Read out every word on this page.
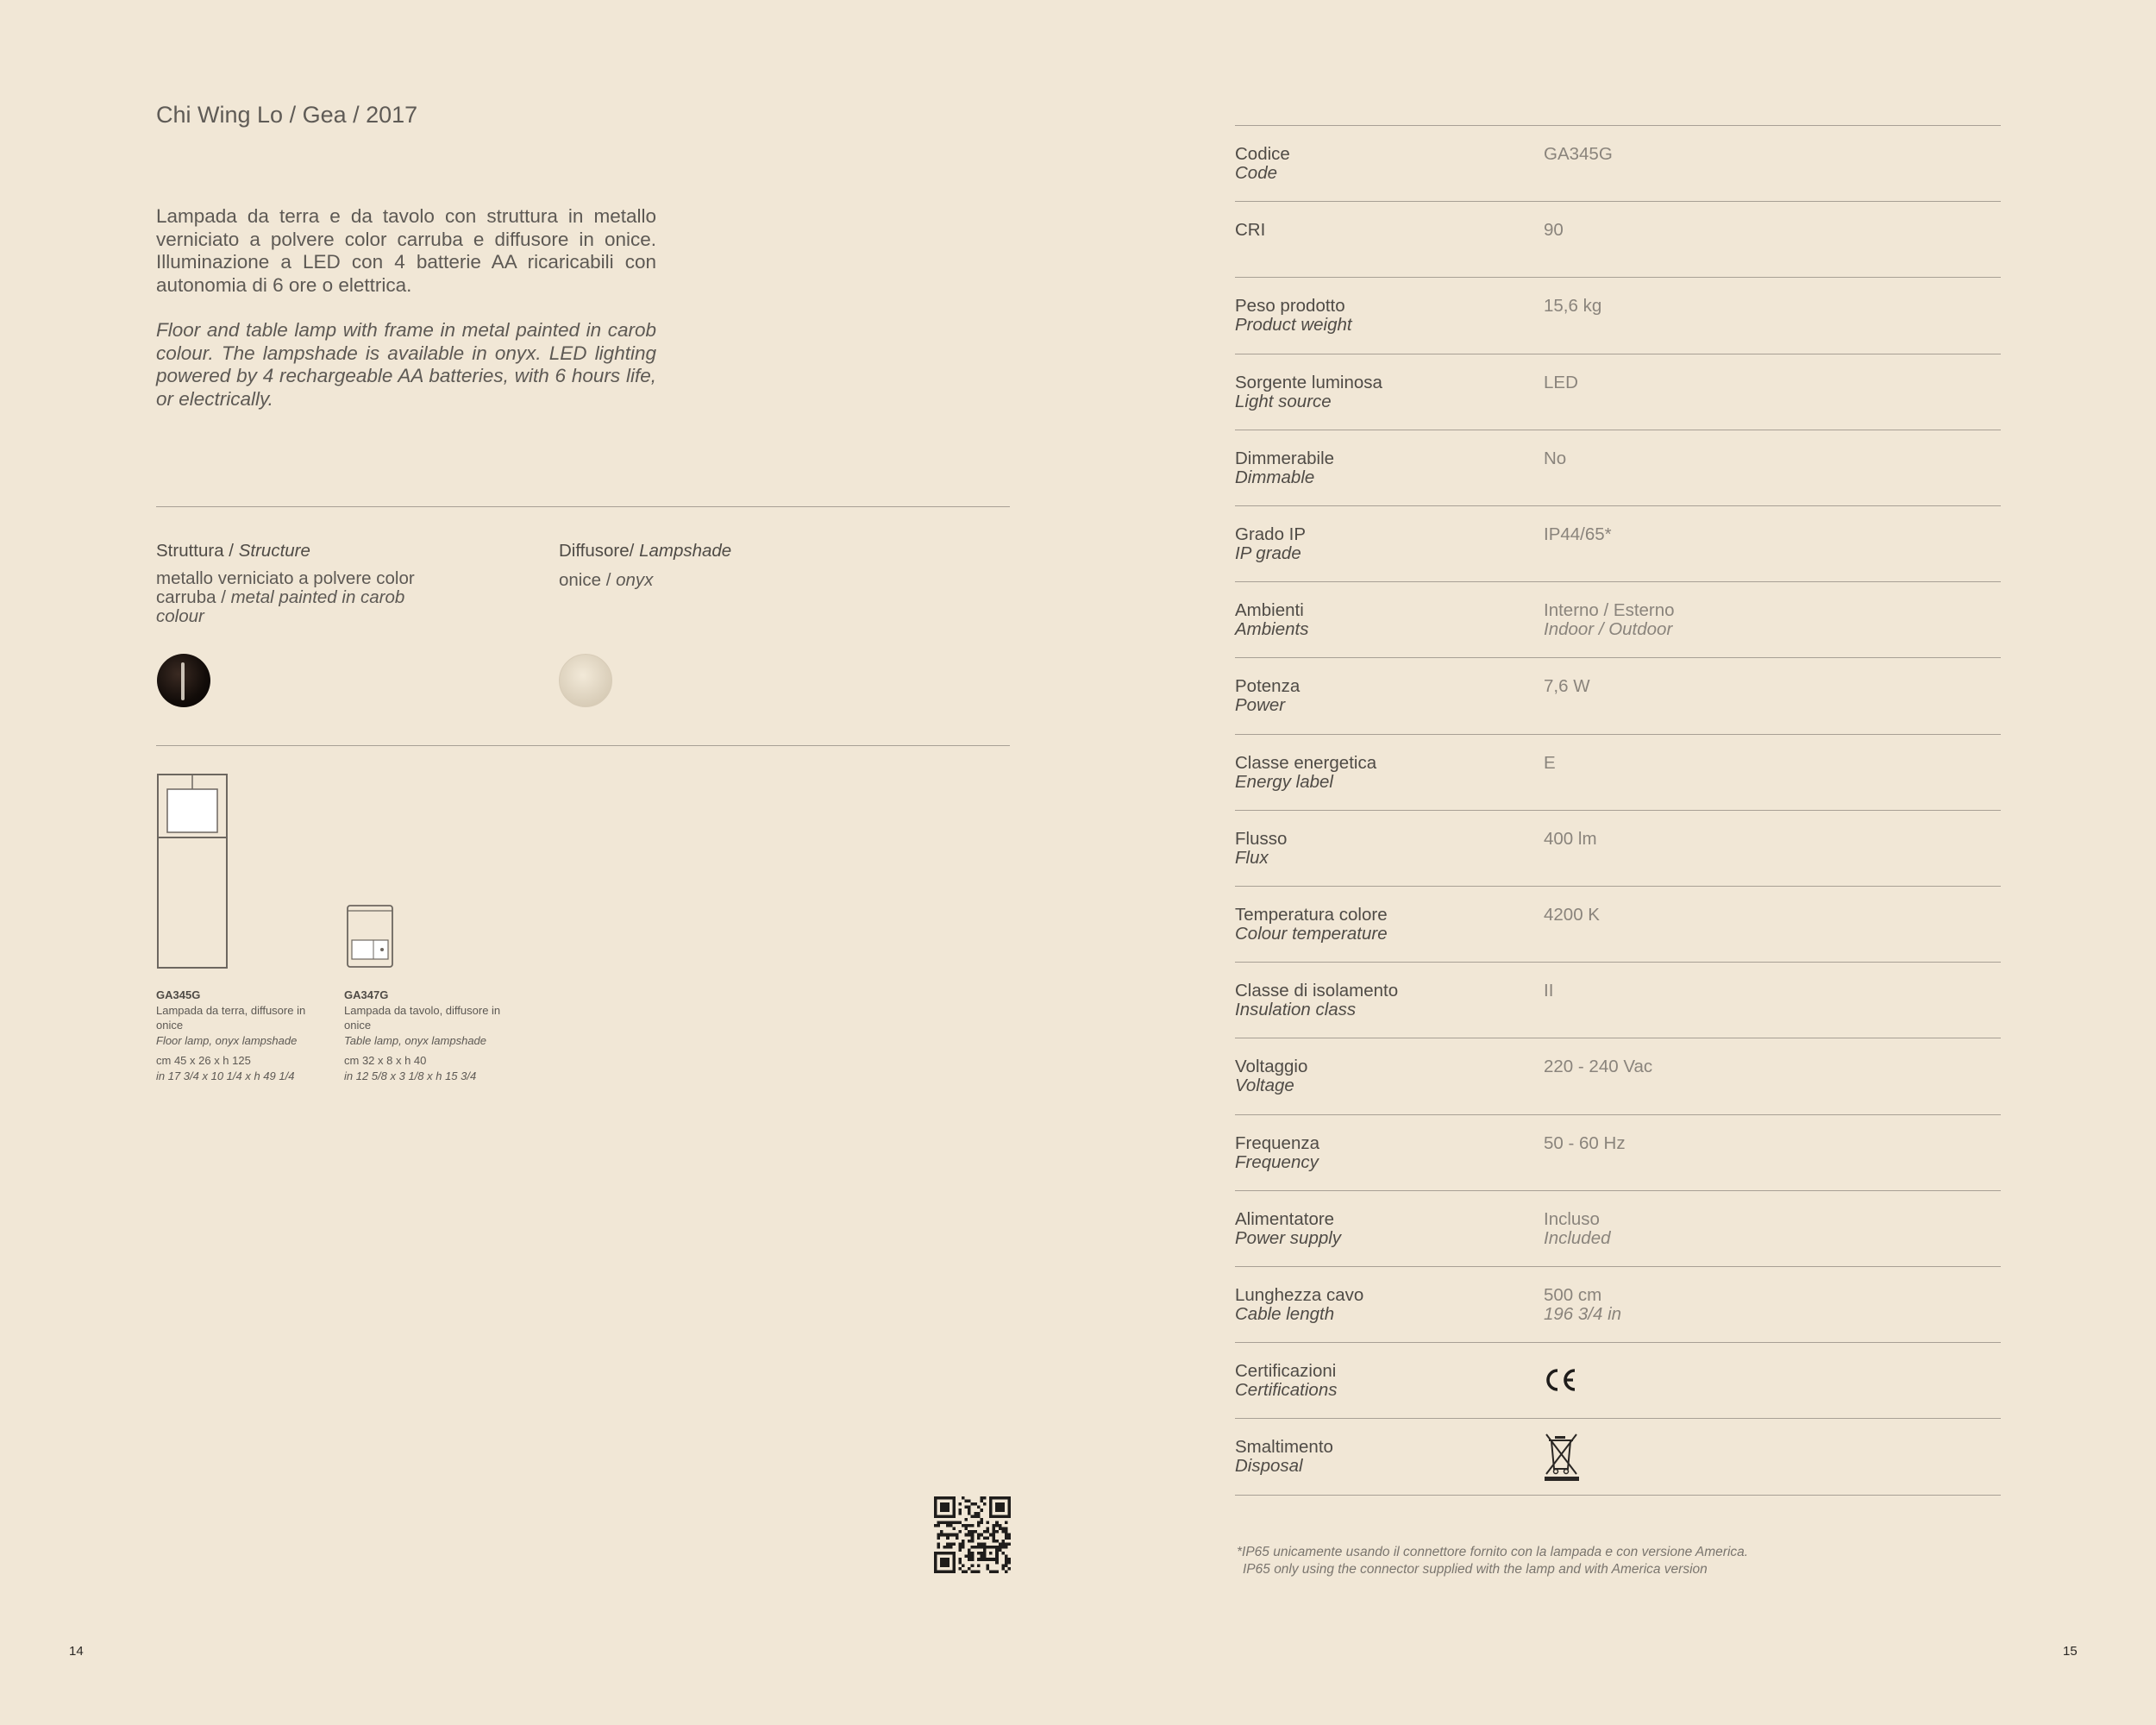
Chi Wing Lo / Gea / 2017
Lampada da terra e da tavolo con struttura in metallo verniciato a polvere color carruba e diffusore in onice. Illuminazione a LED con 4 batterie AA ricaricabili con autonomia di 6 ore o elettrica.
Floor and table lamp with frame in metal painted in carob colour. The lampshade is available in onyx. LED lighting powered by 4 rechargeable AA batteries, with 6 hours life, or electrically.
Struttura / Structure
metallo verniciato a polvere color carruba / metal painted in carob colour
Diffusore/ Lampshade
onice / onyx
GA345G
Lampada da terra, diffusore in onice
Floor lamp, onyx lampshade
cm 45 x 26 x h 125
in 17 3/4 x 10 1/4 x h 49 1/4
GA347G
Lampada da tavolo, diffusore in onice
Table lamp, onyx lampshade
cm 32 x 8 x h 40
in 12 5/8 x 3 1/8 x h 15 3/4
14
Codice
Code
GA345G
CRI	90
Peso prodotto
Product weight
15,6 kg
Sorgente luminosa
Light source
LED
Dimmerabile
Dimmable
No
Grado IP
IP grade
IP44/65*
Ambienti
Ambients
Interno / Esterno
Indoor / Outdoor
Potenza
Power
7,6 W
Classe energetica
Energy label
E
Flusso
Flux
400 lm
Temperatura colore
Colour temperature
4200 K
Classe di isolamento
Insulation class
II
Voltaggio
Voltage
220 - 240 Vac
Frequenza
Frequency
50 - 60 Hz
Alimentatore
Power supply
Incluso
Included
Lunghezza cavo
Cable length
500 cm
196 3/4 in
Certificazioni
Certifications
Smaltimento
Disposal
*IP65 unicamente usando il connettore fornito con la lampada e con versione America.
IP65 only using the connector supplied with the lamp and with America version
15
